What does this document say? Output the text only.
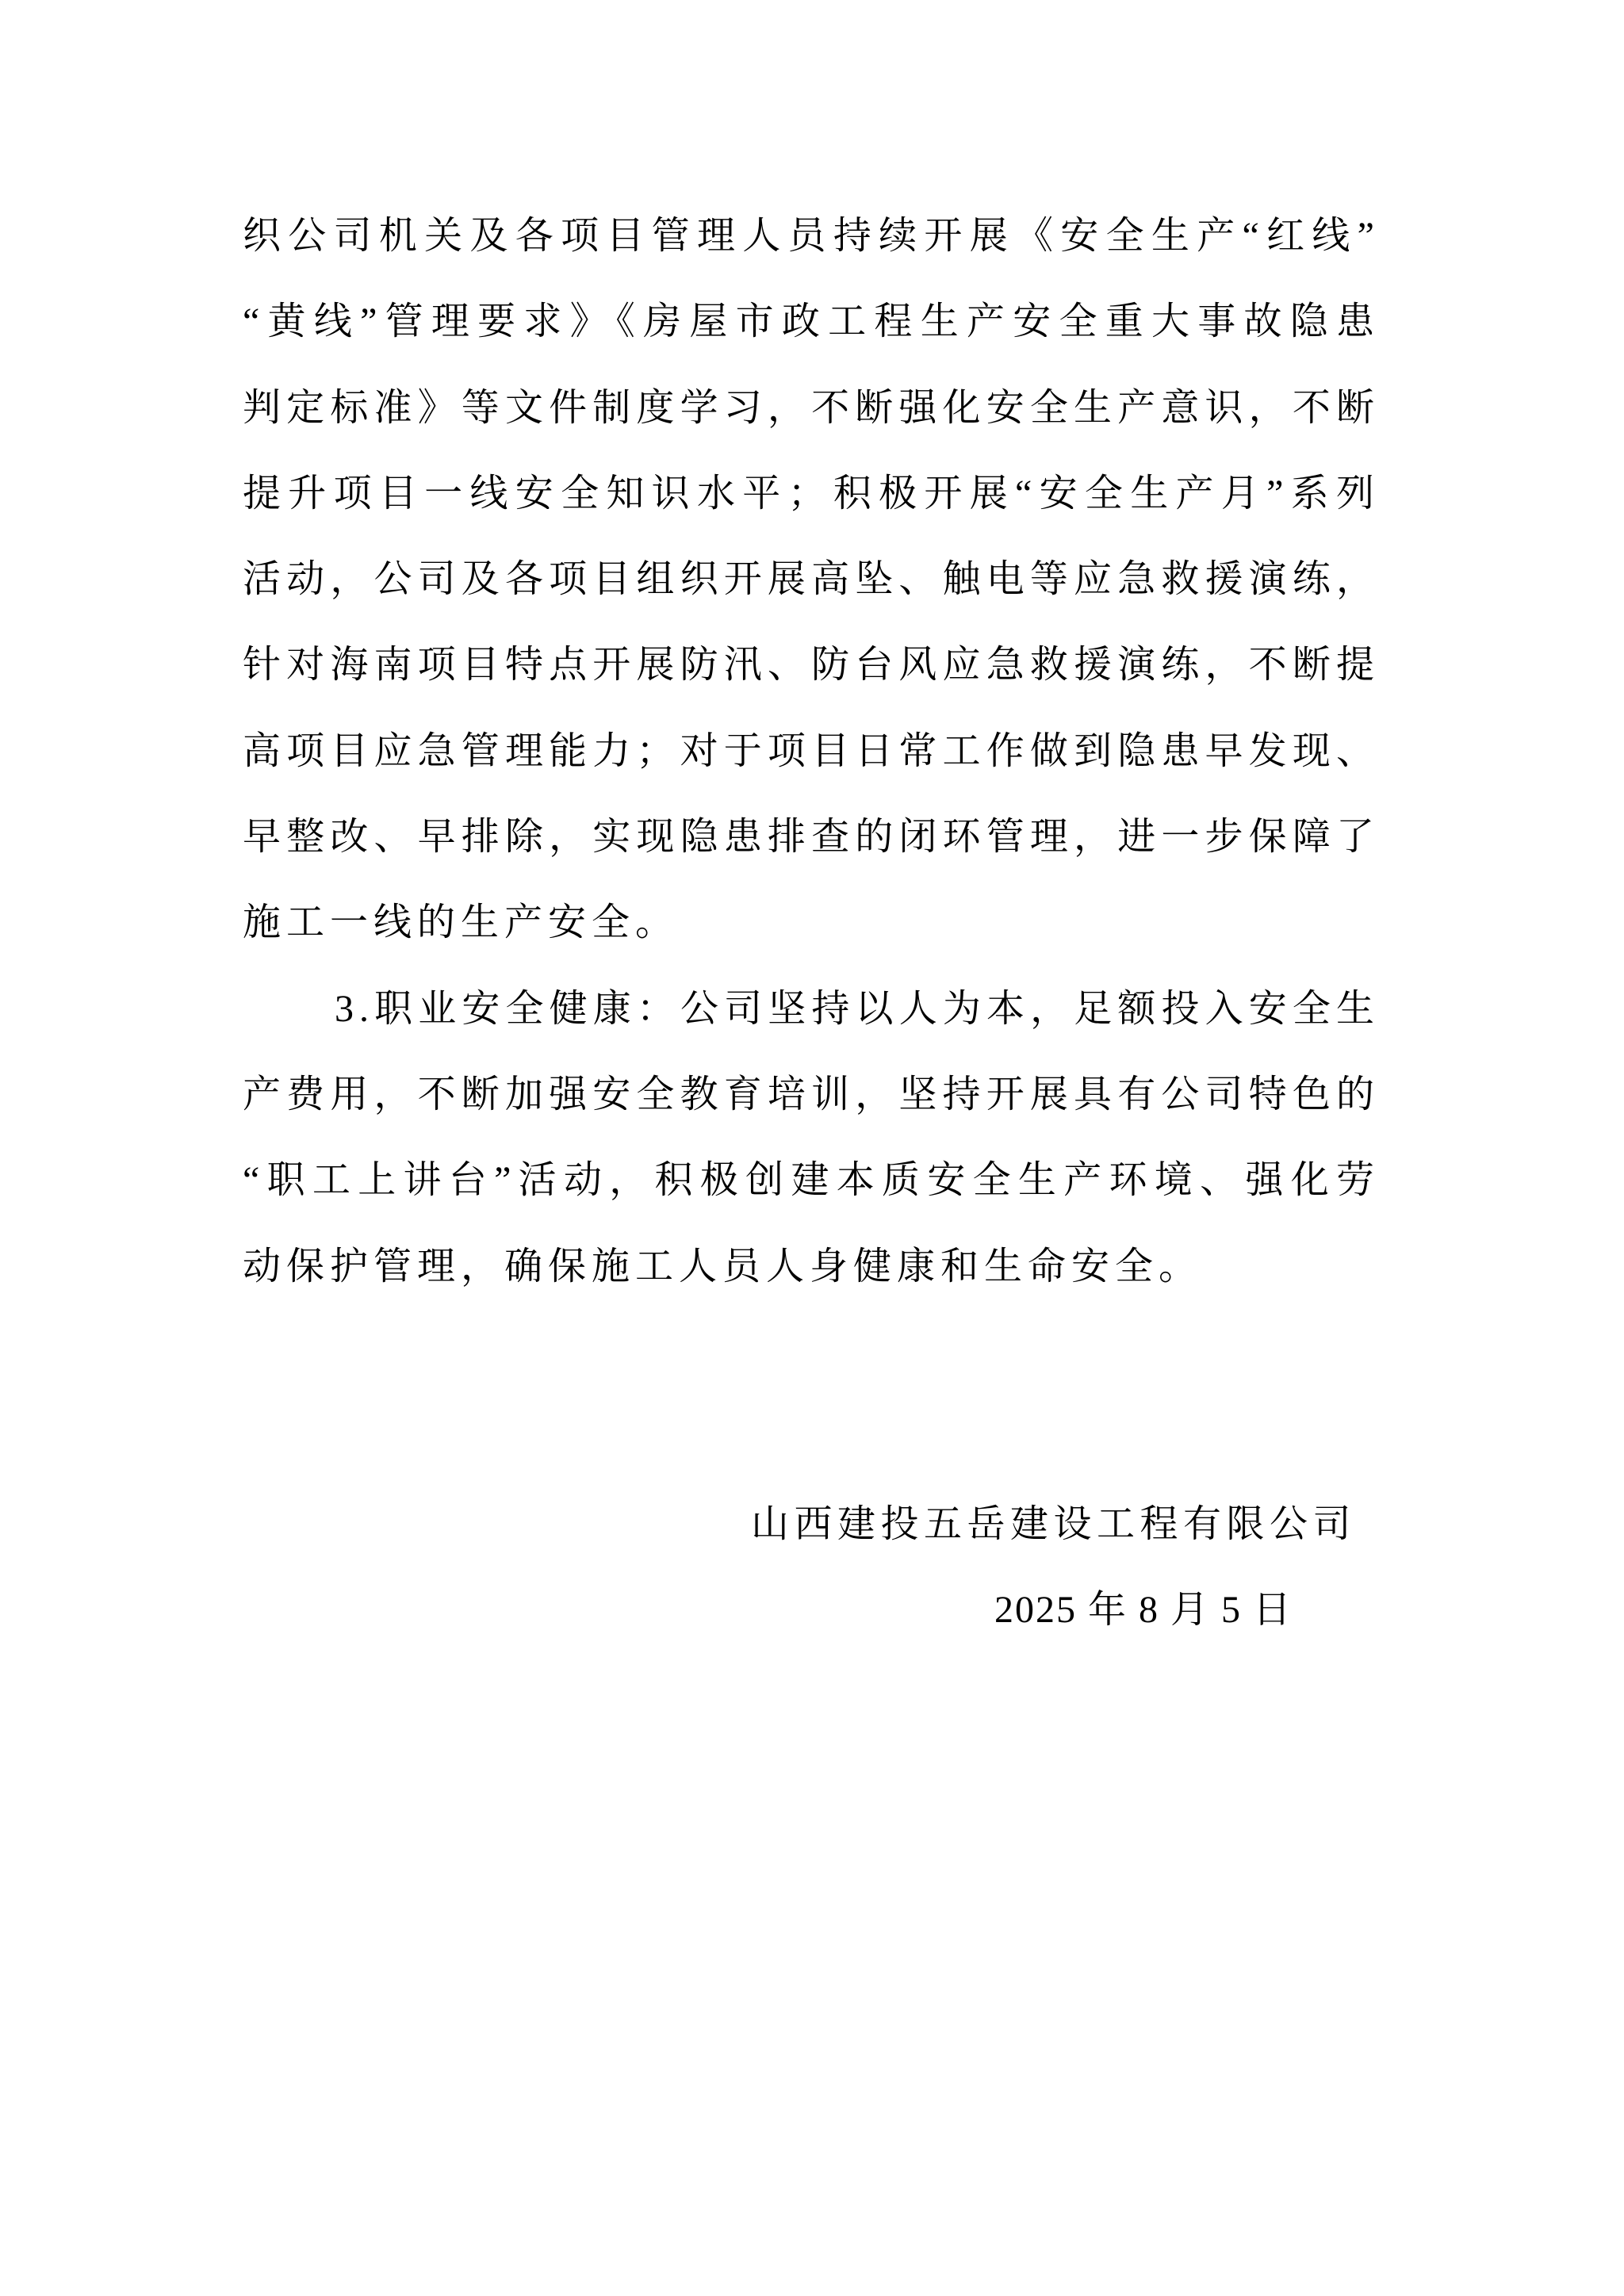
织公司机关及各项目管理人员持续开展《安全生产“红线”
“黄线”管理要求》《房屋市政工程生产安全重大事故隐患
判定标准》等文件制度学习，不断强化安全生产意识，不断
提升项目一线安全知识水平；积极开展“安全生产月”系列
活动，公司及各项目组织开展高坠、触电等应急救援演练，
针对海南项目特点开展防汛、防台风应急救援演练，不断提
高项目应急管理能力；对于项目日常工作做到隐患早发现、
早整改、早排除，实现隐患排查的闭环管理，进一步保障了
施工一线的生产安全。
3.职业安全健康：公司坚持以人为本，足额投入安全生
产费用，不断加强安全教育培训，坚持开展具有公司特色的
“职工上讲台”活动，积极创建本质安全生产环境、强化劳
动保护管理，确保施工人员人身健康和生命安全。
山西建投五岳建设工程有限公司
2025 年 8 月 5 日
